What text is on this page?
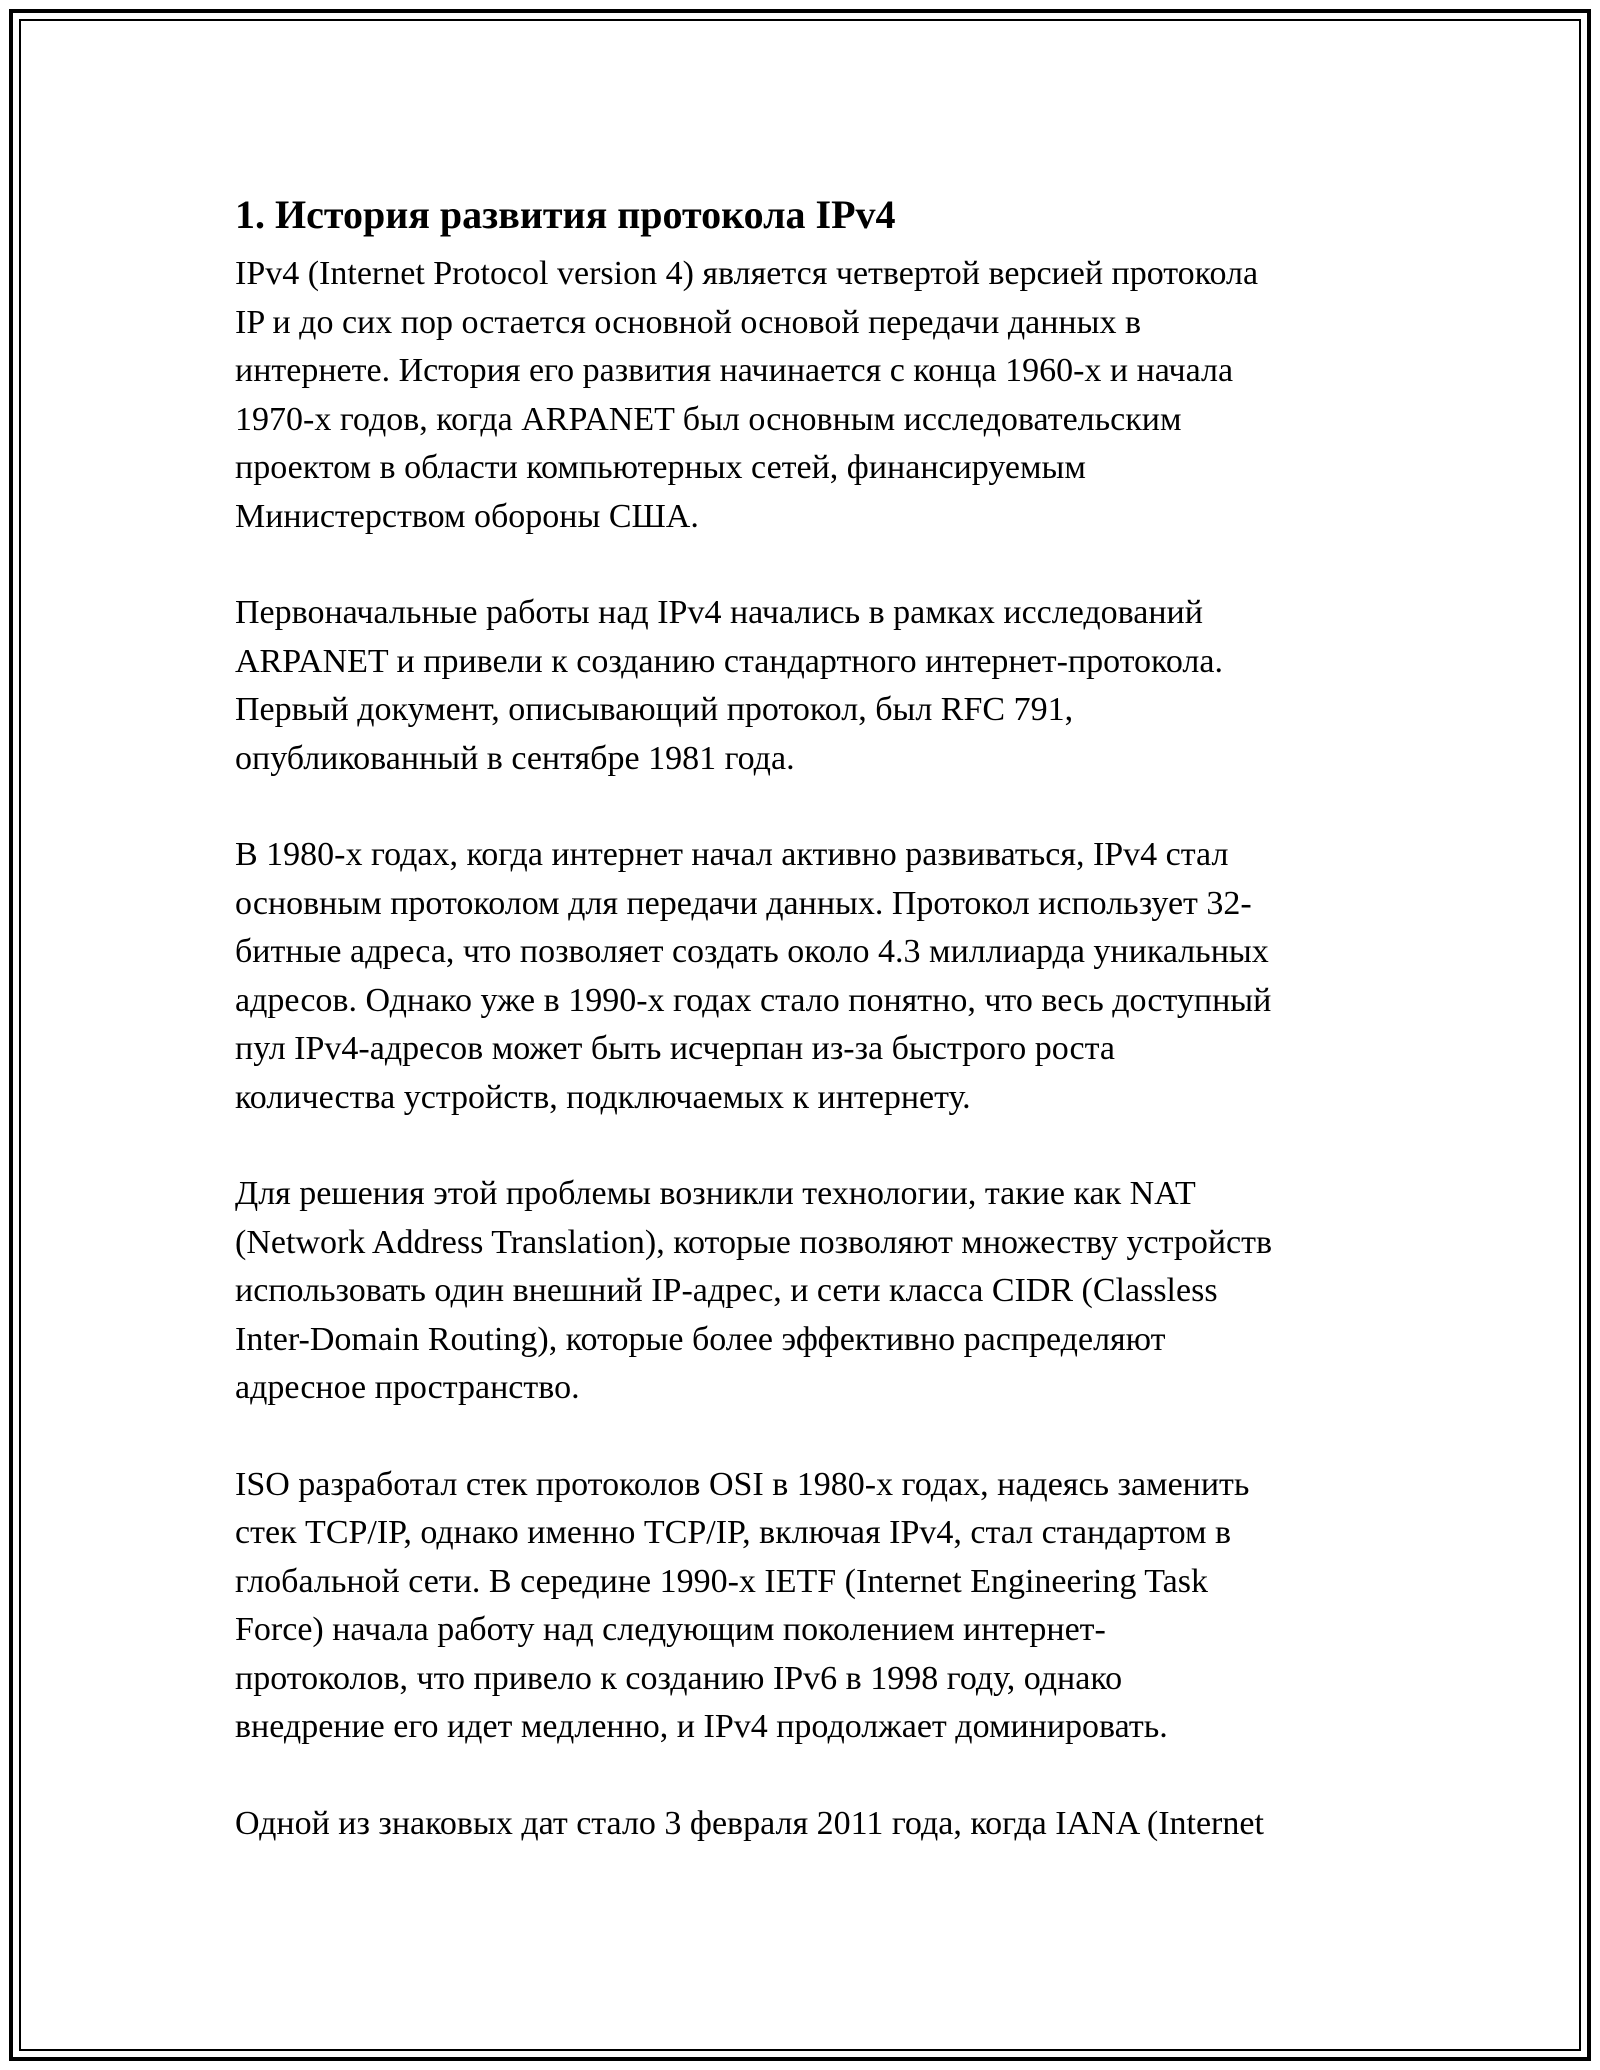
1. История развития протокола IPv4

IPv4 (Internet Protocol version 4) является четвертой версией протокола
IP и до сих пор остается основной основой передачи данных в
интернете. История его развития начинается с конца 1960-х и начала
1970-х годов, когда ARPANET был основным исследовательским
проектом в области компьютерных сетей, финансируемым
Министерством обороны США.

Первоначальные работы над IPv4 начались в рамках исследований
ARPANET и привели к созданию стандартного интернет-протокола.
Первый документ, описывающий протокол, был RFC 791,
опубликованный в сентябре 1981 года.

В 1980-х годах, когда интернет начал активно развиваться, IPv4 стал
основным протоколом для передачи данных. Протокол использует 32-
битные адреса, что позволяет создать около 4.3 миллиарда уникальных
адресов. Однако уже в 1990-х годах стало понятно, что весь доступный
пул IPv4-адресов может быть исчерпан из-за быстрого роста
количества устройств, подключаемых к интернету.

Для решения этой проблемы возникли технологии, такие как NAT
(Network Address Translation), которые позволяют множеству устройств
использовать один внешний IP-адрес, и сети класса CIDR (Classless
Inter-Domain Routing), которые более эффективно распределяют
адресное пространство.

ISO разработал стек протоколов OSI в 1980-х годах, надеясь заменить
стек TCP/IP, однако именно TCP/IP, включая IPv4, стал стандартом в
глобальной сети. В середине 1990-х IETF (Internet Engineering Task
Force) начала работу над следующим поколением интернет-
протоколов, что привело к созданию IPv6 в 1998 году, однако
внедрение его идет медленно, и IPv4 продолжает доминировать.

Одной из знаковых дат стало 3 февраля 2011 года, когда IANA (Internet
